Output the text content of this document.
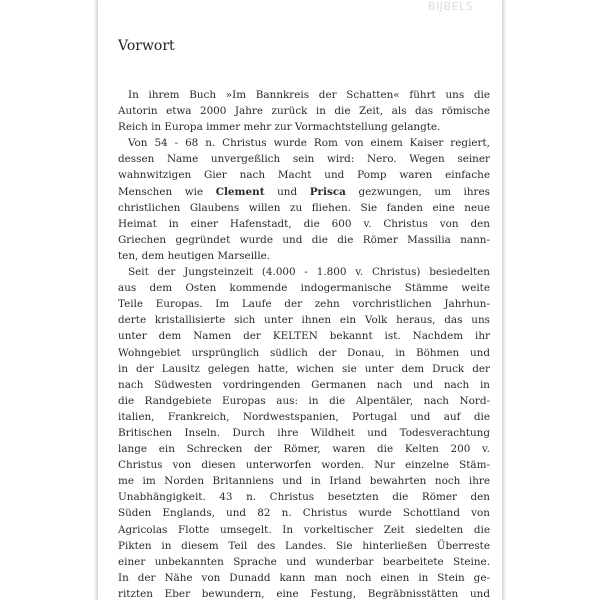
BIJBELS
Vorwort
In ihrem Buch »Im Bannkreis der Schatten« führt uns die
Autorin etwa 2000 Jahre zurück in die Zeit, als das römische
Reich in Europa immer mehr zur Vormachtstellung gelangte.
Von 54 - 68 n. Christus wurde Rom von einem Kaiser regiert,
dessen Name unvergeßlich sein wird: Nero. Wegen seiner
wahnwitzigen Gier nach Macht und Pomp waren einfache
Menschen wie Clement und Prisca gezwungen, um ihres
christlichen Glaubens willen zu fliehen. Sie fanden eine neue
Heimat in einer Hafenstadt, die 600 v. Christus von den
Griechen gegründet wurde und die die Römer Massilia nann-
ten, dem heutigen Marseille.
Seit der Jungsteinzeit (4.000 - 1.800 v. Christus) besiedelten
aus dem Osten kommende indogermanische Stämme weite
Teile Europas. Im Laufe der zehn vorchristlichen Jahrhun-
derte kristallisierte sich unter ihnen ein Volk heraus, das uns
unter dem Namen der KELTEN bekannt ist. Nachdem ihr
Wohngebiet ursprünglich südlich der Donau, in Böhmen und
in der Lausitz gelegen hatte, wichen sie unter dem Druck der
nach Südwesten vordringenden Germanen nach und nach in
die Randgebiete Europas aus: in die Alpentäler, nach Nord-
italien, Frankreich, Nordwestspanien, Portugal und auf die
Britischen Inseln. Durch ihre Wildheit und Todesverachtung
lange ein Schrecken der Römer, waren die Kelten 200 v.
Christus von diesen unterworfen worden. Nur einzelne Stäm-
me im Norden Britanniens und in Irland bewahrten noch ihre
Unabhängigkeit. 43 n. Christus besetzten die Römer den
Süden Englands, und 82 n. Christus wurde Schottland von
Agricolas Flotte umsegelt. In vorkeltischer Zeit siedelten die
Pikten in diesem Teil des Landes. Sie hinterließen Überreste
einer unbekannten Sprache und wunderbar bearbeitete Steine.
In der Nähe von Dunadd kann man noch einen in Stein ge-
ritzten Eber bewundern, eine Festung, Begräbnisstätten und
